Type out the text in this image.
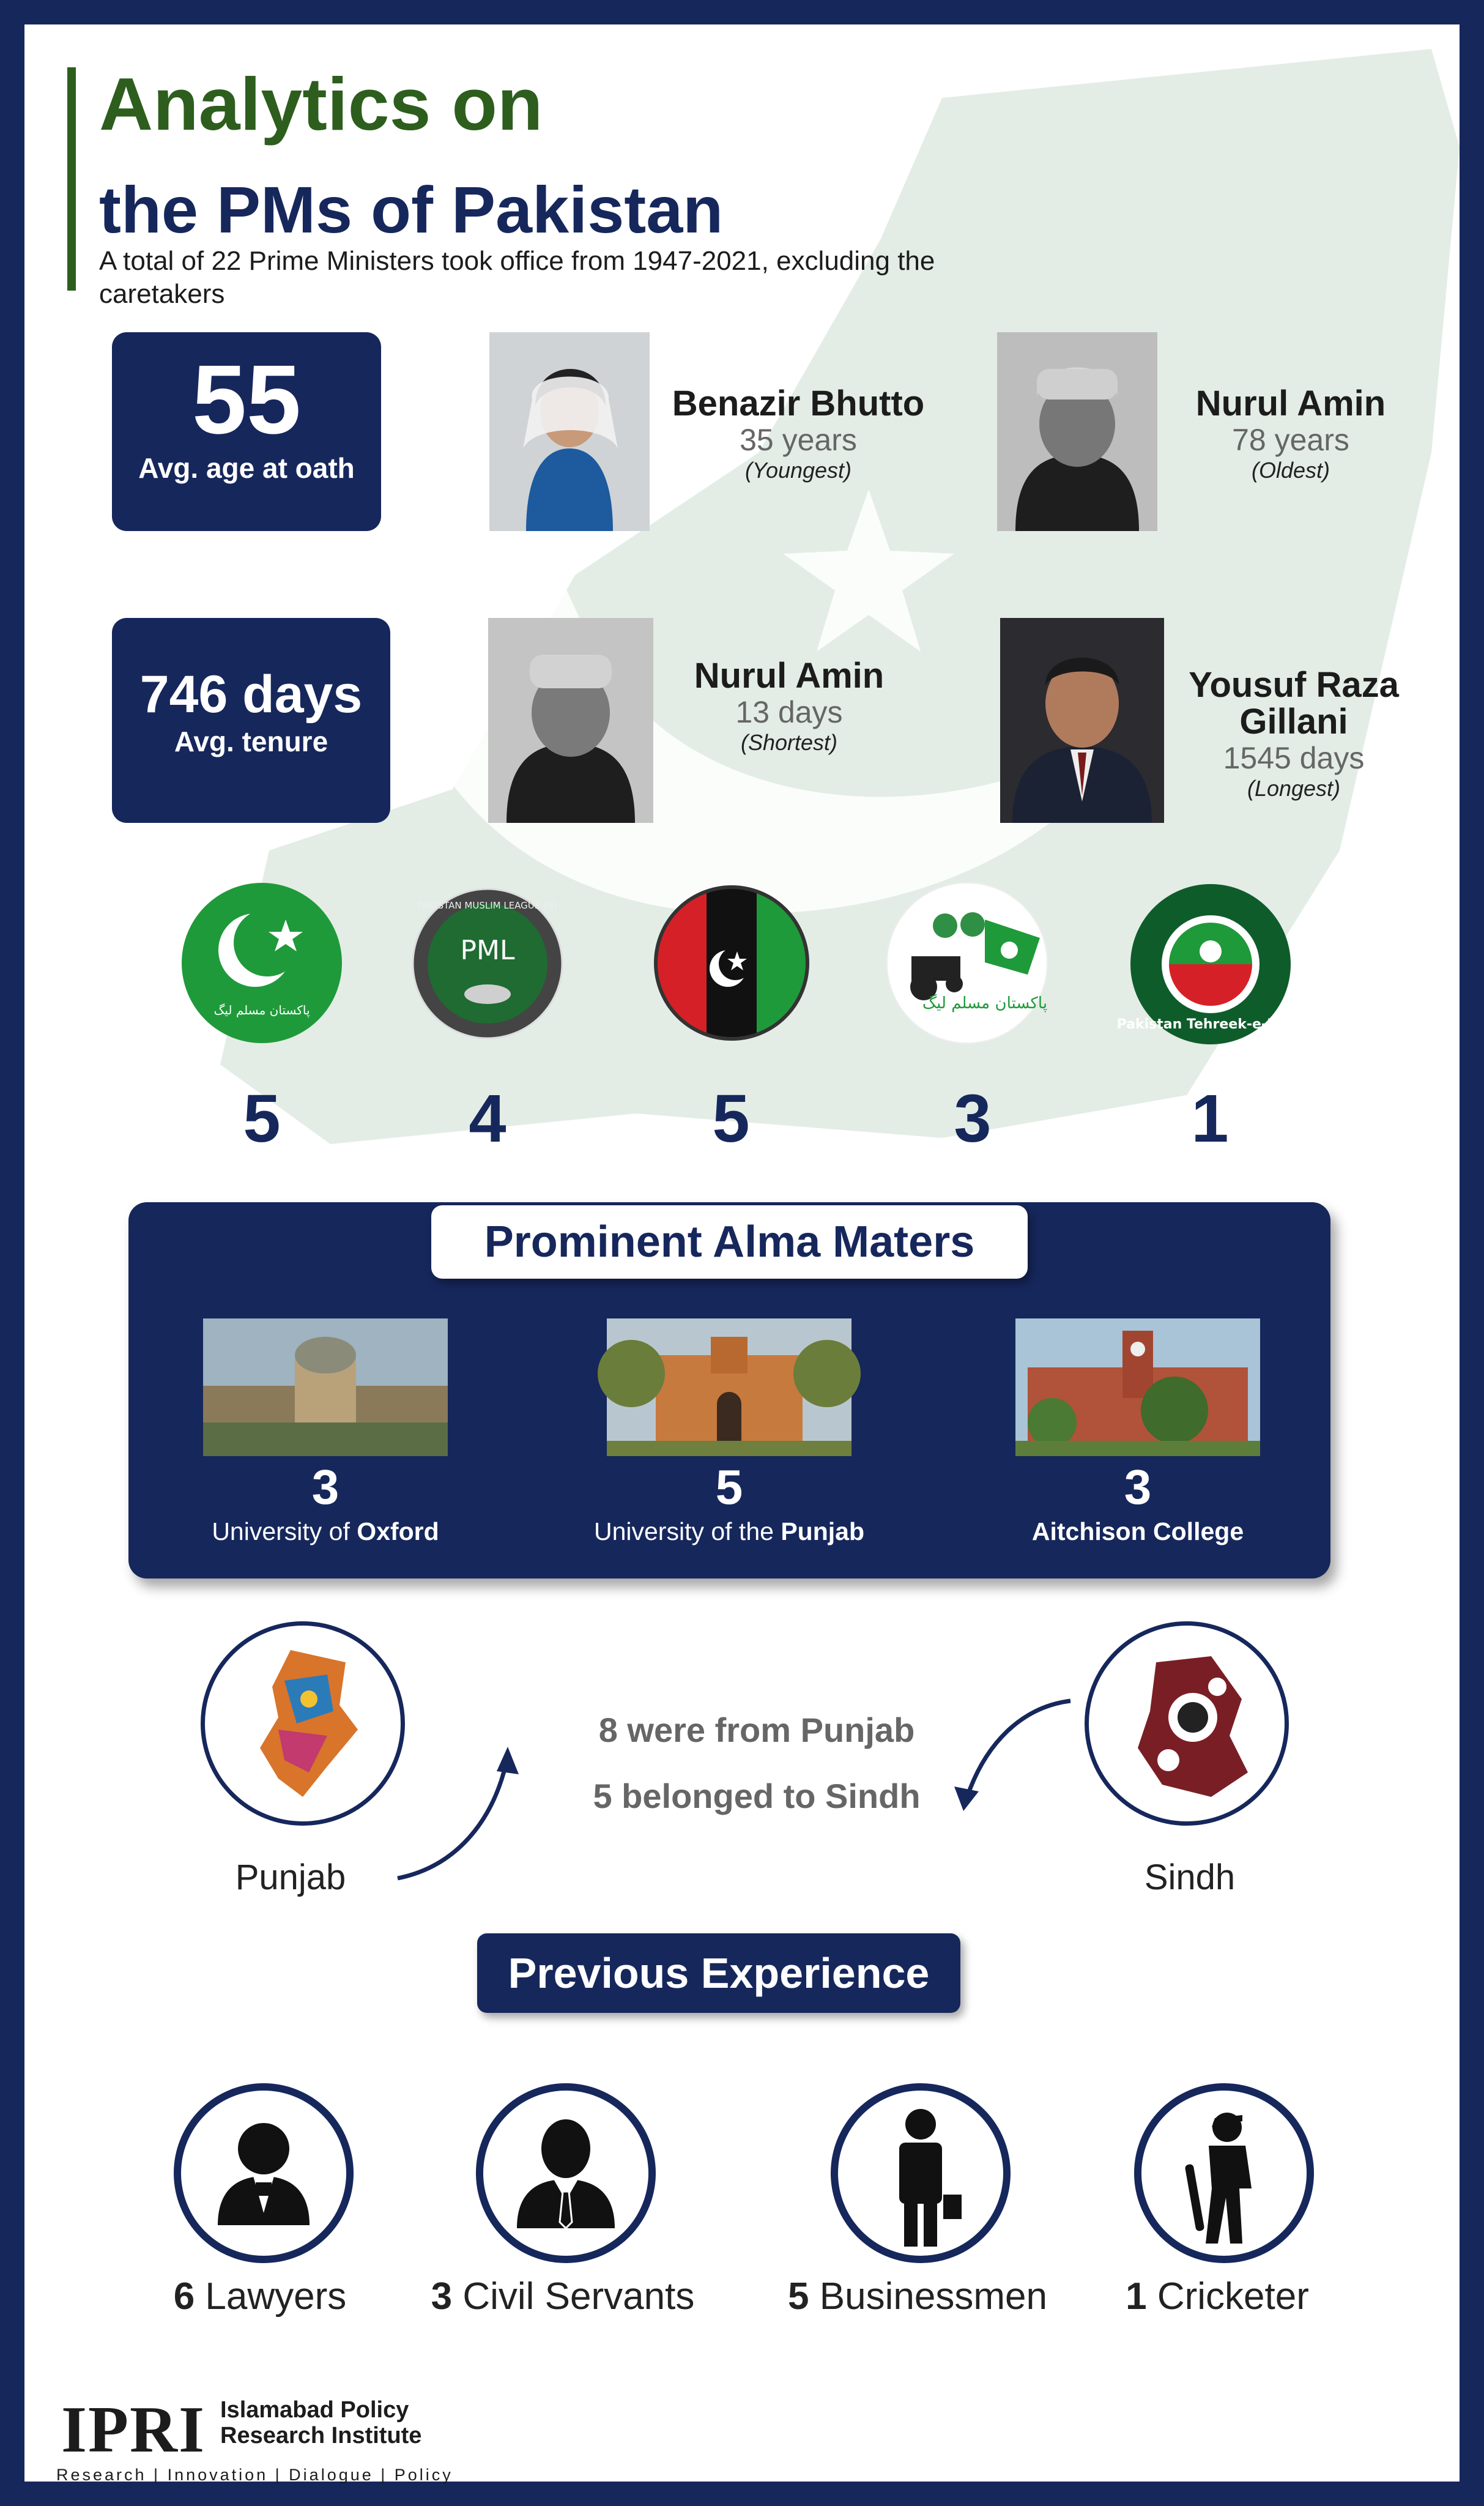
Analytics on
the PMs of Pakistan
A total of 22 Prime Ministers took office from 1947-2021, excluding the caretakers
55
Avg. age at oath
746 days
Avg. tenure
Benazir Bhutto
35 years
(Youngest)
Nurul Amin
78 years
(Oldest)
Nurul Amin
13 days
(Shortest)
Yousuf Raza Gillani
1545 days
(Longest)
پاکستان مسلم لیگ
PAKISTAN MUSLIM LEAGUE (N)
PML
پاکستان مسلم لیگ
Pakistan Tehreek-e-Insaf
5	4	5	3	1
Prominent Alma Maters
3
University of Oxford
5
University of the Punjab
3
Aitchison College
Punjab	Sindh
8 were from Punjab
5 belonged to Sindh
Previous Experience
6 Lawyers	3 Civil Servants	5 Businessmen	1 Cricketer
IPRI Islamabad Policy
Research Institute
Research | Innovation | Dialogue | Policy
